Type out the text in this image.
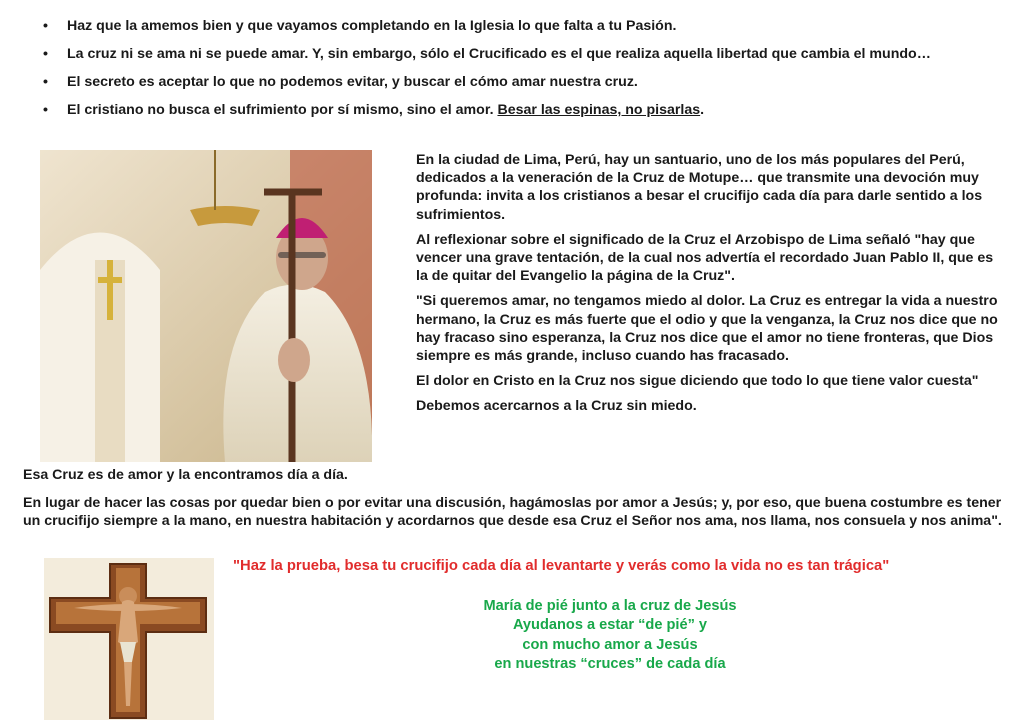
• Haz que la amemos bien y que vayamos completando en la Iglesia lo que falta a tu Pasión.
• La cruz ni se ama ni se puede amar. Y, sin embargo, sólo el Crucificado es el que realiza aquella libertad que cambia el mundo…
• El secreto es aceptar lo que no podemos evitar, y buscar el cómo amar nuestra cruz.
• El cristiano no busca el sufrimiento por sí mismo, sino el amor. Besar las espinas, no pisarlas.

En la ciudad de Lima, Perú, hay un santuario, uno de los más populares del Perú, dedicados a la veneración de la Cruz de Motupe… que transmite una devoción muy profunda: invita a los cristianos a besar el crucifijo cada día para darle sentido a los sufrimientos.

Al reflexionar sobre el significado de la Cruz el Arzobispo de Lima señaló "hay que vencer una grave tentación, de la cual nos advertía el recordado Juan Pablo II, que es la de quitar del Evangelio la página de la Cruz".

"Si queremos amar, no tengamos miedo al dolor. La Cruz es entregar la vida a nuestro hermano, la Cruz es más fuerte que el odio y que la venganza, la Cruz nos dice que no hay fracaso sino esperanza, la Cruz nos dice que el amor no tiene fronteras, que Dios siempre es más grande, incluso cuando has fracasado.

El dolor en Cristo en la Cruz nos sigue diciendo que todo lo que tiene valor cuesta"

Debemos acercarnos a la Cruz sin miedo.

Esa Cruz es de amor y la encontramos día a día.

En lugar de hacer las cosas por quedar bien o por evitar una discusión, hagámoslas por amor a Jesús; y, por eso, que buena costumbre es tener un crucifijo siempre a la mano, en nuestra habitación y acordarnos que desde esa Cruz el Señor nos ama, nos llama, nos consuela y nos anima".

"Haz la prueba, besa tu crucifijo cada día al levantarte y verás como la vida no es tan trágica"
María de pié junto a la cruz de Jesús
Ayudanos a estar “de pié” y
con mucho amor a Jesús
en nuestras “cruces” de cada día
